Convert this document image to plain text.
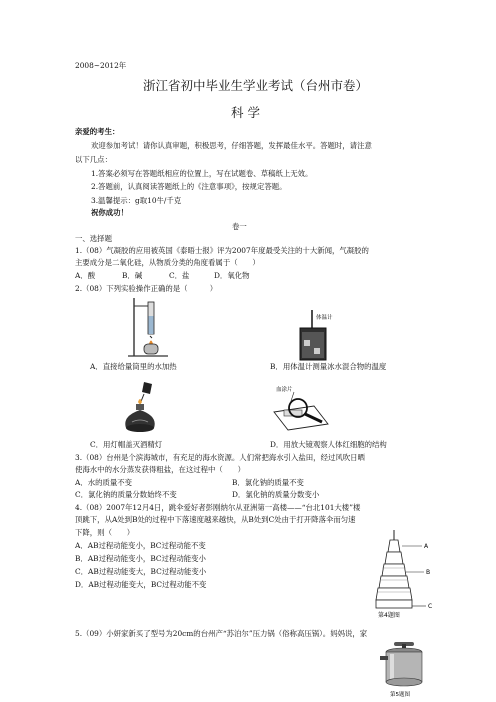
2008~2012年
浙江省初中毕业生学业考试（台州市卷）
科 学
亲爱的考生：
欢迎参加考试！请你认真审题，积极思考，仔细答题，发挥最佳水平。答题时，请注意
以下几点：
1.答案必须写在答题纸相应的位置上，写在试题卷、草稿纸上无效。
2.答题前，认真阅读答题纸上的《注意事项》，按规定答题。
3.温馨提示：g取10牛/千克
祝你成功！
卷一
一、选择题
1.（08）气凝胶的应用被英国《泰晤士报》评为2007年度最受关注的十大新闻，气凝胶的
主要成分是二氧化硅，从物质分类的角度看属于（　　）
A．酸	B．碱	C．盐	D．氧化物
2.（08）下列实验操作正确的是（　　　）
体温计
A．直接给量筒里的水加热	B．用体温计测量冰水混合物的温度
血涂片
C．用灯帽盖灭酒精灯	D．用放大镜观察人体红细胞的结构
3.（08）台州是个滨海城市，有充足的海水资源。人们常把海水引入盐田，经过风吹日晒
使海水中的水分蒸发获得粗盐，在这过程中（　　）
A．水的质量不变	B．氯化钠的质量不变
C．氯化钠的质量分数始终不变	D．氯化钠的质量分数变小
4.（08）2007年12月4日，跳伞爱好者彭刚纳尔从亚洲第一高楼——“台北101大楼”楼
顶跳下，从A处到B处的过程中下落速度越来越快，从B处到C处由于打开降落伞而匀速
下降，则（　　）
A．AB过程动能变小，BC过程动能不变
B．AB过程动能变小，BC过程动能变小
C．AB过程动能变大，BC过程动能变小
D．AB过程动能变大，BC过程动能不变
A
B
C
第4题图
5.（09）小妍家新买了型号为20cm的台州产“苏泊尔”压力锅（俗称高压锅）。妈妈说，家
第5题图
